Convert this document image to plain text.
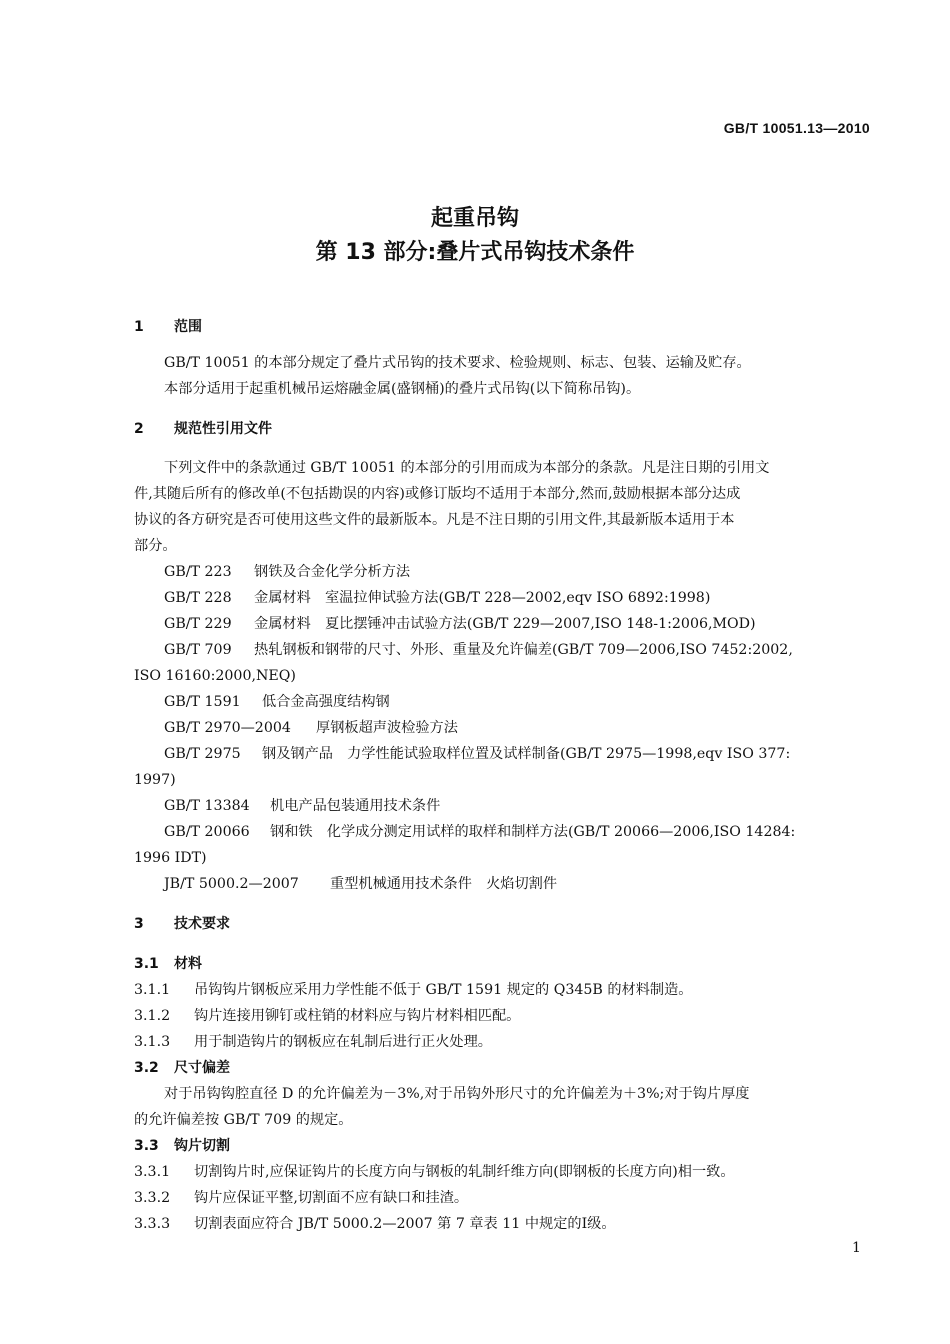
GB/T 10051.13—2010
起重吊钩
第 13 部分:叠片式吊钩技术条件
1 范围
GB/T 10051 的本部分规定了叠片式吊钩的技术要求、检验规则、标志、包装、运输及贮存。
本部分适用于起重机械吊运熔融金属(盛钢桶)的叠片式吊钩(以下简称吊钩)。
2 规范性引用文件
下列文件中的条款通过 GB/T 10051 的本部分的引用而成为本部分的条款。凡是注日期的引用文
件,其随后所有的修改单(不包括勘误的内容)或修订版均不适用于本部分,然而,鼓励根据本部分达成
协议的各方研究是否可使用这些文件的最新版本。凡是不注日期的引用文件,其最新版本适用于本
部分。
GB/T 223 钢铁及合金化学分析方法
GB/T 228 金属材料　室温拉伸试验方法(GB/T 228—2002,eqv ISO 6892:1998)
GB/T 229 金属材料　夏比摆锤冲击试验方法(GB/T 229—2007,ISO 148-1:2006,MOD)
GB/T 709 热轧钢板和钢带的尺寸、外形、重量及允许偏差(GB/T 709—2006,ISO 7452:2002,
ISO 16160:2000,NEQ)
GB/T 1591 低合金高强度结构钢
GB/T 2970—2004 厚钢板超声波检验方法
GB/T 2975 钢及钢产品　力学性能试验取样位置及试样制备(GB/T 2975—1998,eqv ISO 377:
1997)
GB/T 13384 机电产品包装通用技术条件
GB/T 20066 钢和铁　化学成分测定用试样的取样和制样方法(GB/T 20066—2006,ISO 14284:
1996 IDT)
JB/T 5000.2—2007 重型机械通用技术条件　火焰切割件
3 技术要求
3.1 材料
3.1.1 吊钩钩片钢板应采用力学性能不低于 GB/T 1591 规定的 Q345B 的材料制造。
3.1.2 钩片连接用铆钉或柱销的材料应与钩片材料相匹配。
3.1.3 用于制造钩片的钢板应在轧制后进行正火处理。
3.2 尺寸偏差
对于吊钩钩腔直径 D 的允许偏差为－3%,对于吊钩外形尺寸的允许偏差为＋3%;对于钩片厚度
的允许偏差按 GB/T 709 的规定。
3.3 钩片切割
3.3.1 切割钩片时,应保证钩片的长度方向与钢板的轧制纤维方向(即钢板的长度方向)相一致。
3.3.2 钩片应保证平整,切割面不应有缺口和挂渣。
3.3.3 切割表面应符合 JB/T 5000.2—2007 第 7 章表 11 中规定的Ⅰ级。
1
